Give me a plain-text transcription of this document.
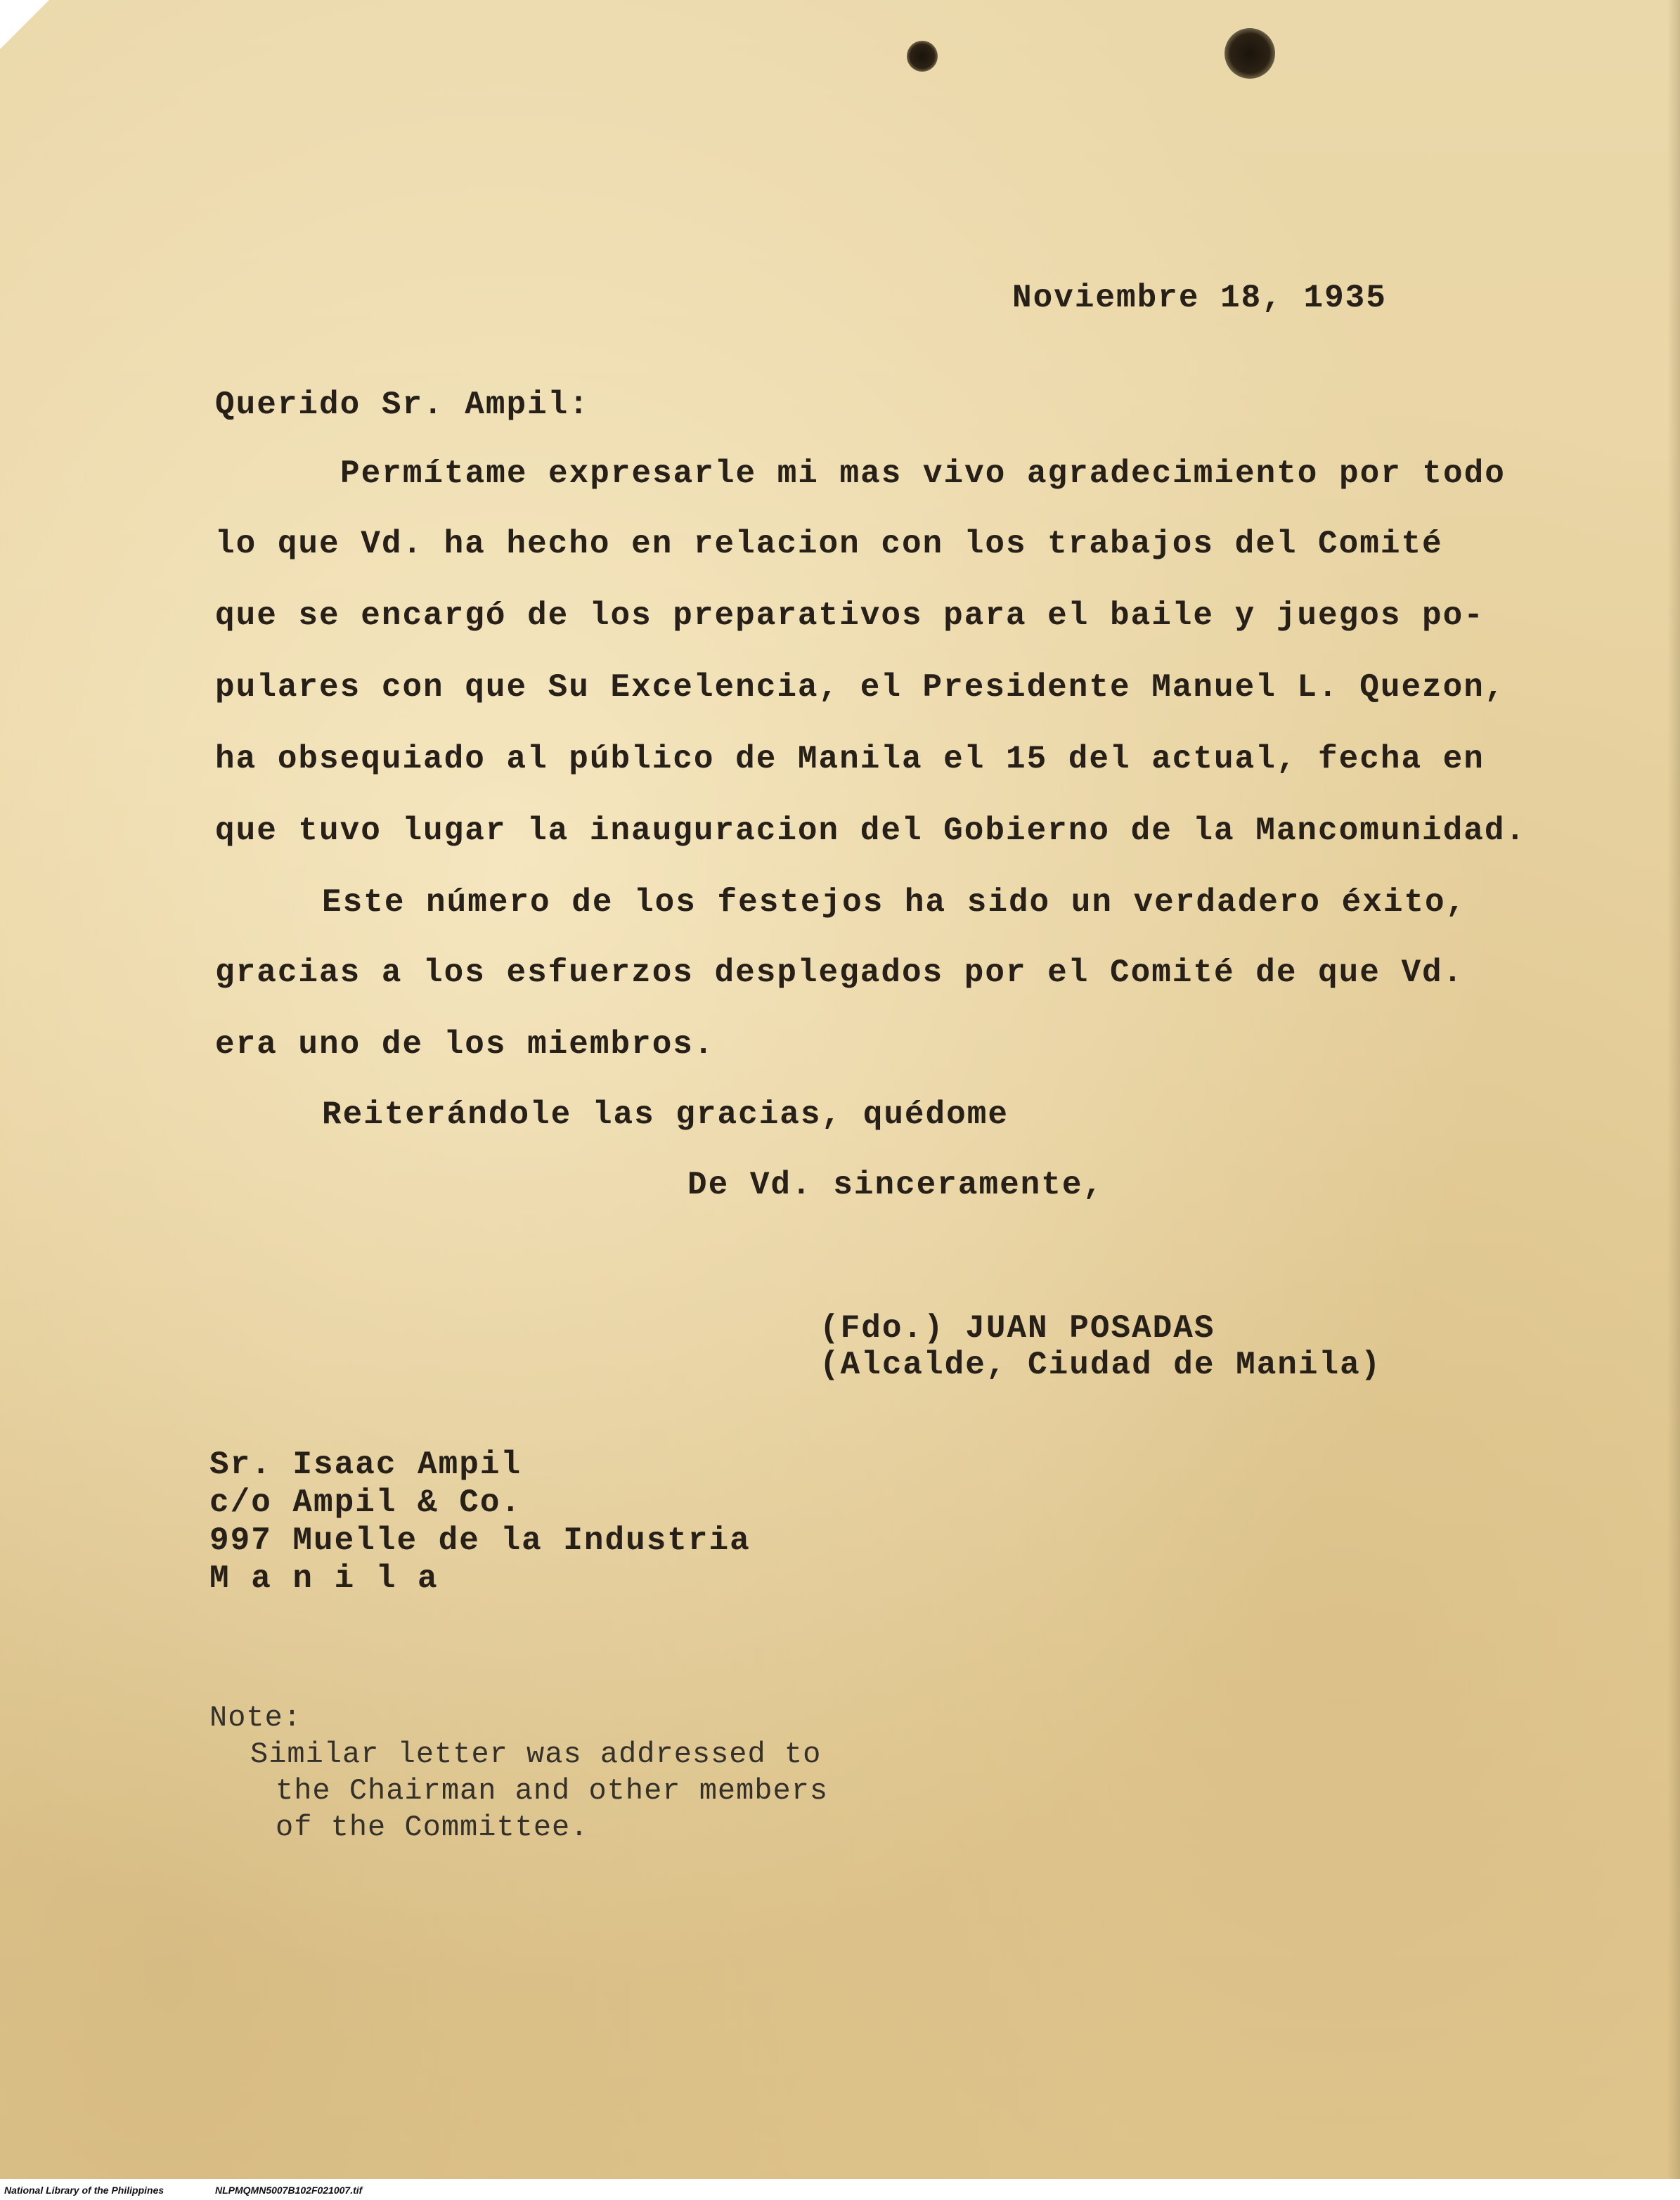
Noviembre 18, 1935
Querido Sr. Ampil:
Permítame expresarle mi mas vivo agradecimiento por todo
lo que Vd. ha hecho en relacion con los trabajos del Comité
que se encargó de los preparativos para el baile y juegos po-
pulares con que Su Excelencia, el Presidente Manuel L. Quezon,
ha obsequiado al público de Manila el 15 del actual, fecha en
que tuvo lugar la inauguracion del Gobierno de la Mancomunidad.
Este número de los festejos ha sido un verdadero éxito,
gracias a los esfuerzos desplegados por el Comité de que Vd.
era uno de los miembros.
Reiterándole las gracias, quédome
De Vd. sinceramente,
(Fdo.) JUAN POSADAS
(Alcalde, Ciudad de Manila)
Sr. Isaac Ampil
c/o Ampil & Co.
997 Muelle de la Industria
M a n i l a
Note:
Similar letter was addressed to
the Chairman and other members
of the Committee.
National Library of the Philippines	NLPMQMN5007B102F021007.tif
